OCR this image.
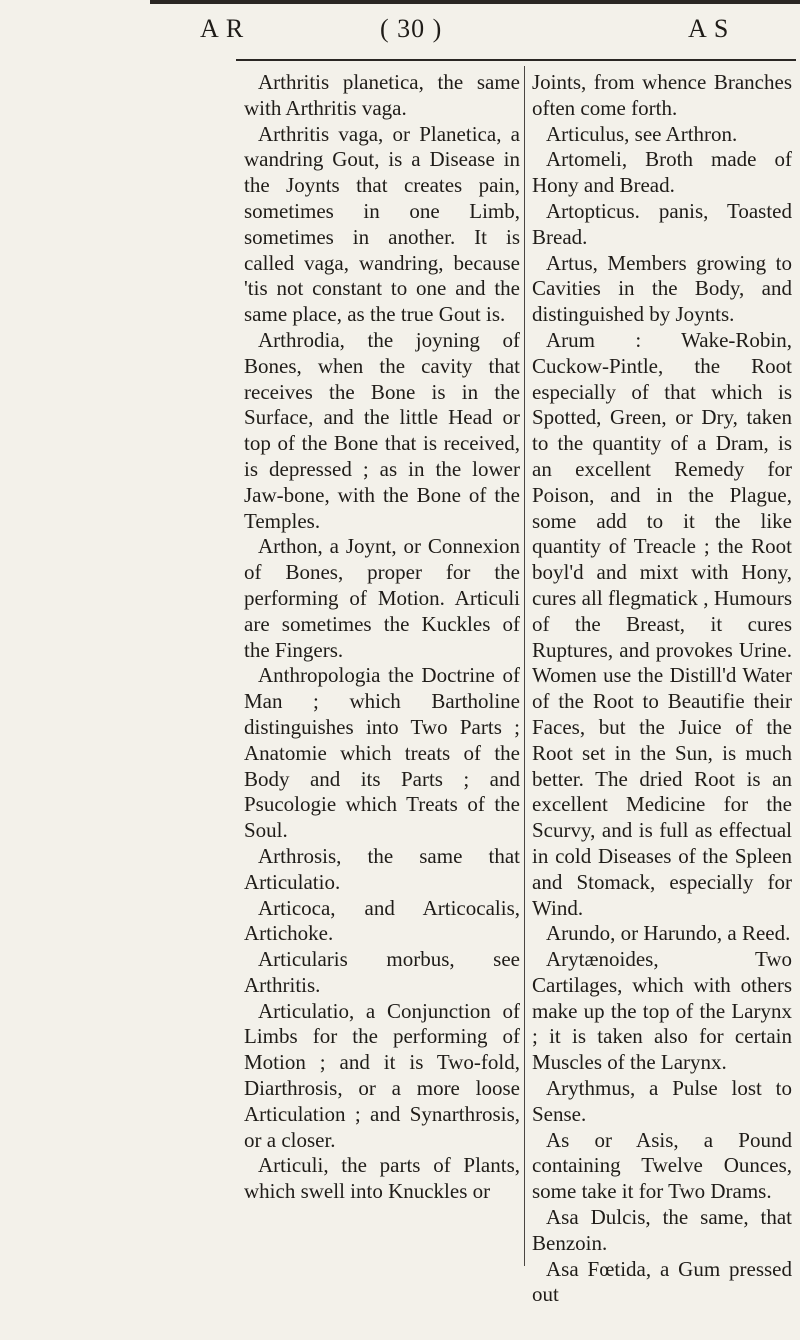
A R	( 30 )	A S

Arthritis planetica, the same with Arthritis vaga.

Arthritis vaga, or Planetica, a wandring Gout, is a Disease in the Joynts that creates pain, sometimes in one Limb, sometimes in another. It is called vaga, wandring, because 'tis not constant to one and the same place, as the true Gout is.

Arthrodia, the joyning of Bones, when the cavity that receives the Bone is in the Surface, and the little Head or top of the Bone that is received, is depressed ; as in the lower Jaw-bone, with the Bone of the Temples.

Arthon, a Joynt, or Connexion of Bones, proper for the performing of Motion. Articuli are sometimes the Kuckles of the Fingers.

Anthropologia the Doctrine of Man ; which Bartholine distinguishes into Two Parts ; Anatomie which treats of the Body and its Parts ; and Psucologie which Treats of the Soul.

Arthrosis, the same that Articulatio.

Articoca, and Articocalis, Artichoke.

Articularis morbus, see Arthritis.

Articulatio, a Conjunction of Limbs for the performing of Motion ; and it is Two-fold, Diarthrosis, or a more loose Articulation ; and Synarthrosis, or a closer.

Articuli, the parts of Plants, which swell into Knuckles or

Joints, from whence Branches often come forth.

Articulus, see Arthron.

Artomeli, Broth made of Hony and Bread.

Artopticus. panis, Toasted Bread.

Artus, Members growing to Cavities in the Body, and distinguished by Joynts.

Arum : Wake-Robin, Cuckow-Pintle, the Root especially of that which is Spotted, Green, or Dry, taken to the quantity of a Dram, is an excellent Remedy for Poison, and in the Plague, some add to it the like quantity of Treacle ; the Root boyl'd and mixt with Hony, cures all flegmatick , Humours of the Breast, it cures Ruptures, and provokes Urine. Women use the Distill'd Water of the Root to Beautifie their Faces, but the Juice of the Root set in the Sun, is much better. The dried Root is an excellent Medicine for the Scurvy, and is full as effectual in cold Diseases of the Spleen and Stomack, especially for Wind.

Arundo, or Harundo, a Reed.

Arytænoides, Two Cartilages, which with others make up the top of the Larynx ; it is taken also for certain Muscles of the Larynx.

Arythmus, a Pulse lost to Sense.

As or Asis, a Pound containing Twelve Ounces, some take it for Two Drams.

Asa Dulcis, the same, that Benzoin.

Asa Fœtida, a Gum pressed out
